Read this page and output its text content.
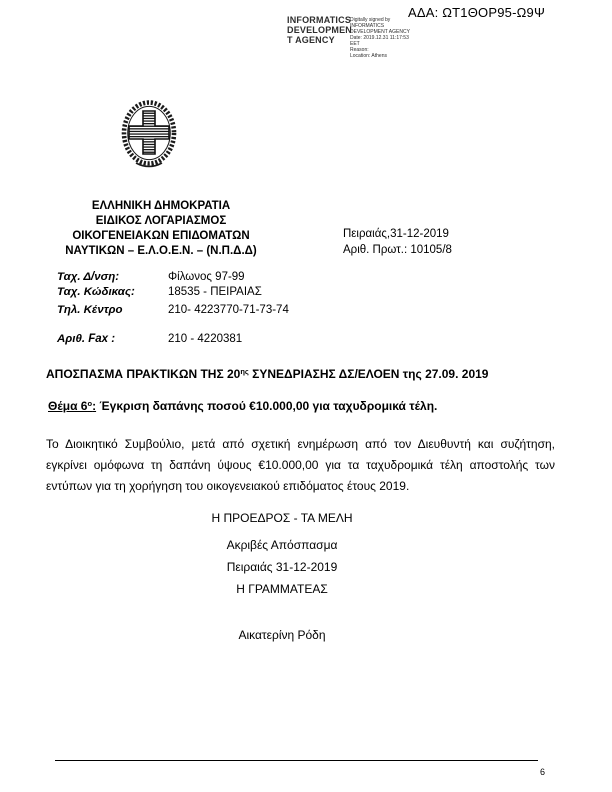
ΑΔΑ: ΩΤ1ΘΟΡ95-Ω9Ψ
INFORMATICS
DEVELOPMEN
T AGENCY
Digitally signed by
INFORMATICS
DEVELOPMENT AGENCY
Date: 2019.12.31 11:17:53
EET
Reason:
Location: Athens
ΕΛΛΗΝΙΚΗ ΔΗΜΟΚΡΑΤΙΑ
ΕΙΔΙΚΟΣ ΛΟΓΑΡΙΑΣΜΟΣ
ΟΙΚΟΓΕΝΕΙΑΚΩΝ ΕΠΙΔΟΜΑΤΩΝ
ΝΑΥΤΙΚΩΝ – Ε.Λ.Ο.Ε.Ν. – (Ν.Π.Δ.Δ)
Πειραιάς,31-12-2019
Αριθ. Πρωτ.: 10105/8
Ταχ. Δ/νση:	Φίλωνος 97-99
Ταχ. Κώδικας:	18535 - ΠΕΙΡΑΙΑΣ
Τηλ. Κέντρο	210- 4223770-71-73-74
Αριθ. Fax :	210 - 4220381
ΑΠΟΣΠΑΣΜΑ ΠΡΑΚΤΙΚΩΝ ΤΗΣ $20^{\eta\varsigma}$ ΣΥΝΕΔΡΙΑΣΗΣ ΔΣ/ΕΛΟΕΝ της 27.09. 2019
Θέμα $6^o$: Έγκριση δαπάνης ποσού €10.000,00 για ταχυδρομικά τέλη.
Το Διοικητικό Συμβούλιο, μετά από σχετική ενημέρωση από τον Διευθυντή και συζήτηση, εγκρίνει ομόφωνα τη δαπάνη ύψους €10.000,00 για τα ταχυδρομικά τέλη αποστολής των εντύπων για τη χορήγηση του οικογενειακού επιδόματος έτους 2019.
Η ΠΡΟΕΔΡΟΣ - ΤΑ ΜΕΛΗ
Ακριβές Απόσπασμα
Πειραιάς 31-12-2019
Η ΓΡΑΜΜΑΤΕΑΣ
Αικατερίνη Ρόδη
6
